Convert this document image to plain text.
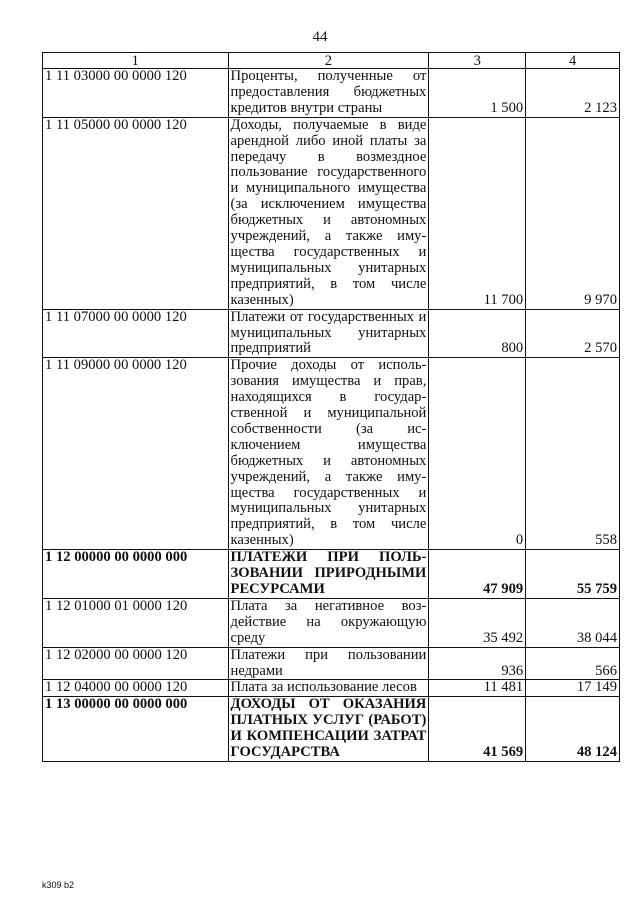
44
1	2	3	4
1 11 03000 00 0000 120	Проценты, полученные от предоставления бюджетных кредитов внутри страны	1 500	2 123
1 11 05000 00 0000 120	Доходы, получаемые в виде арендной либо иной платы за передачу в возмездное пользование государственного и муниципального имущества (за исключением имущества бюджетных и автономных учреждений, а также имущества государственных и муниципальных унитарных предприятий, в том числе казенных)	11 700	9 970
1 11 07000 00 0000 120	Платежи от государственных и муниципальных унитарных предприятий	800	2 570
1 11 09000 00 0000 120	Прочие доходы от использования имущества и прав, находящихся в государственной и муниципальной собственности (за исключением имущества бюджетных и автономных учреждений, а также имущества государственных и муниципальных унитарных предприятий, в том числе казенных)	0	558
1 12 00000 00 0000 000	ПЛАТЕЖИ ПРИ ПОЛЬЗОВАНИИ ПРИРОДНЫМИ РЕСУРСАМИ	47 909	55 759
1 12 01000 01 0000 120	Плата за негативное воздействие на окружающую среду	35 492	38 044
1 12 02000 00 0000 120	Платежи при пользовании недрами	936	566
1 12 04000 00 0000 120	Плата за использование лесов	11 481	17 149
1 13 00000 00 0000 000	ДОХОДЫ ОТ ОКАЗАНИЯ ПЛАТНЫХ УСЛУГ (РАБОТ) И КОМПЕНСАЦИИ ЗАТРАТ ГОСУДАРСТВА	41 569	48 124
k309 b2
